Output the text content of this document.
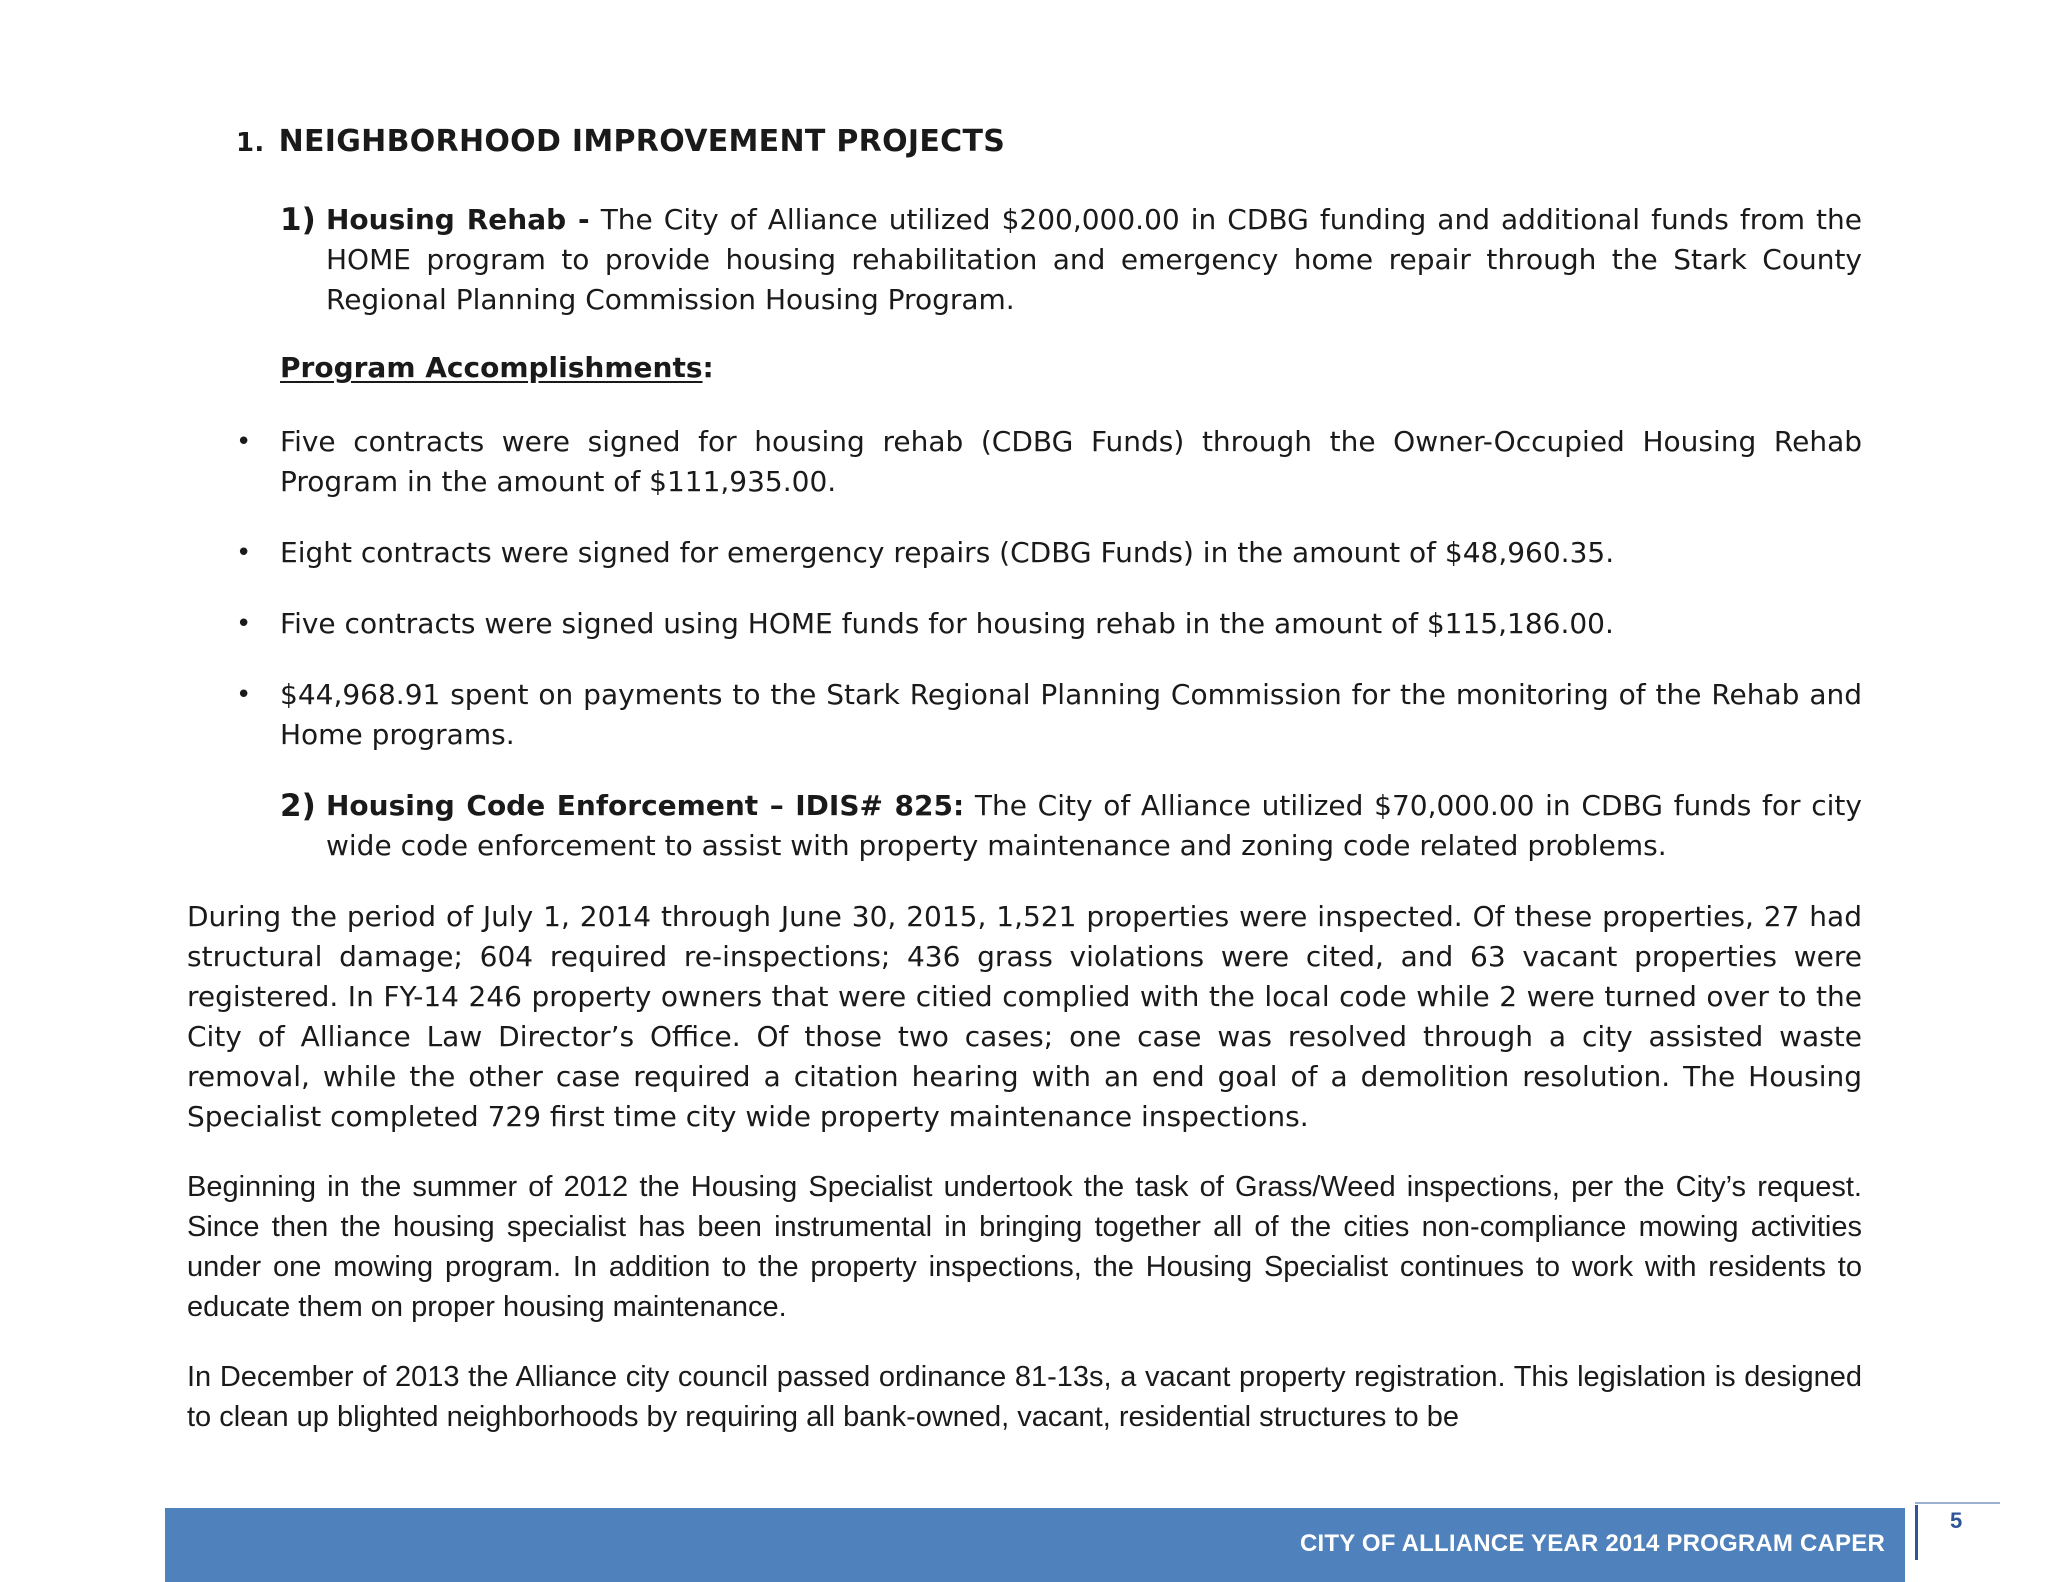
1. NEIGHBORHOOD IMPROVEMENT PROJECTS
1) Housing Rehab - The City of Alliance utilized $200,000.00 in CDBG funding and additional funds from the HOME program to provide housing rehabilitation and emergency home repair through the Stark County Regional Planning Commission Housing Program.
Program Accomplishments:
• Five contracts were signed for housing rehab (CDBG Funds) through the Owner-Occupied Housing Rehab Program in the amount of $111,935.00.
• Eight contracts were signed for emergency repairs (CDBG Funds) in the amount of $48,960.35.
• Five contracts were signed using HOME funds for housing rehab in the amount of $115,186.00.
• $44,968.91 spent on payments to the Stark Regional Planning Commission for the monitoring of the Rehab and Home programs.
2) Housing Code Enforcement – IDIS# 825: The City of Alliance utilized $70,000.00 in CDBG funds for city wide code enforcement to assist with property maintenance and zoning code related problems.
During the period of July 1, 2014 through June 30, 2015, 1,521 properties were inspected. Of these properties, 27 had structural damage; 604 required re-inspections; 436 grass violations were cited, and 63 vacant properties were registered. In FY-14 246 property owners that were citied complied with the local code while 2 were turned over to the City of Alliance Law Director’s Office. Of those two cases; one case was resolved through a city assisted waste removal, while the other case required a citation hearing with an end goal of a demolition resolution. The Housing Specialist completed 729 first time city wide property maintenance inspections.
Beginning in the summer of 2012 the Housing Specialist undertook the task of Grass/Weed inspections, per the City’s request. Since then the housing specialist has been instrumental in bringing together all of the cities non-compliance mowing activities under one mowing program. In addition to the property inspections, the Housing Specialist continues to work with residents to educate them on proper housing maintenance.
In December of 2013 the Alliance city council passed ordinance 81-13s, a vacant property registration. This legislation is designed to clean up blighted neighborhoods by requiring all bank-owned, vacant, residential structures to be
CITY OF ALLIANCE YEAR 2014 PROGRAM CAPER
5
